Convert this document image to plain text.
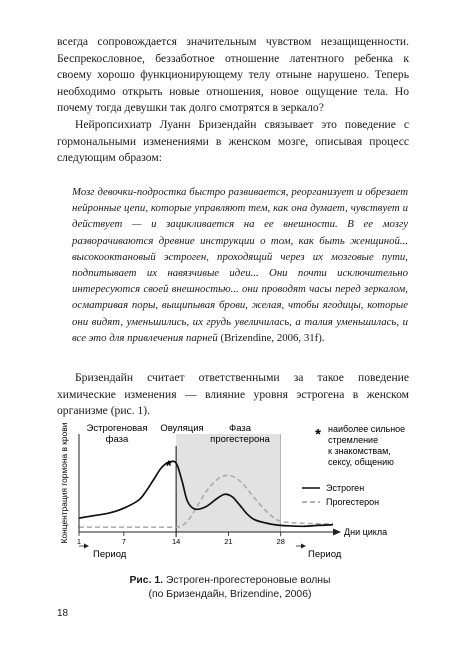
всегда сопровождается значительным чувством незащищенности. Беспрекословное, беззаботное отношение латентного ребенка к своему хорошо функционирующему телу отныне нарушено. Теперь необходимо открыть новые отношения, новое ощущение тела. Но почему тогда девушки так долго смотрятся в зеркало?

Нейропсихиатр Луанн Бризендайн связывает это поведение с гормональными изменениями в женском мозге, описывая процесс следующим образом:

Мозг девочки-подростка быстро развивается, реорганизует и обрезает нейронные цепи, которые управляют тем, как она думает, чувствует и действует — и зацикливается на ее внешности. В ее мозгу разворачиваются древние инструкции о том, как быть женщиной... высокооктановый эстроген, проходящий через их мозговые пути, подпитывает их навязчивые идеи... Они почти исключительно интересуются своей внешностью... они проводят часы перед зеркалом, осматривая поры, выщипывая брови, желая, чтобы ягодицы, которые они видят, уменьшились, их грудь увеличилась, а талия уменьшилась, и все это для привлечения парней (Brizendine, 2006, 31f).

Бризендайн считает ответственными за такое поведение химические изменения — влияние уровня эстрогена в женском организме (рис. 1).

Эстрогеновая
фаза
Овуляция	Фаза
прогестерона	* наиболее сильное
стремление
к знакомствам,
сексу, общению
Эстроген
Прогестерон
Концентрация гормона в крови	*
Дни цикла
1	7	14	21	28
Период	Период
Рис. 1. Эстроген-прогестероновые волны
(по Бризендайн, Brizendine, 2006)
18
